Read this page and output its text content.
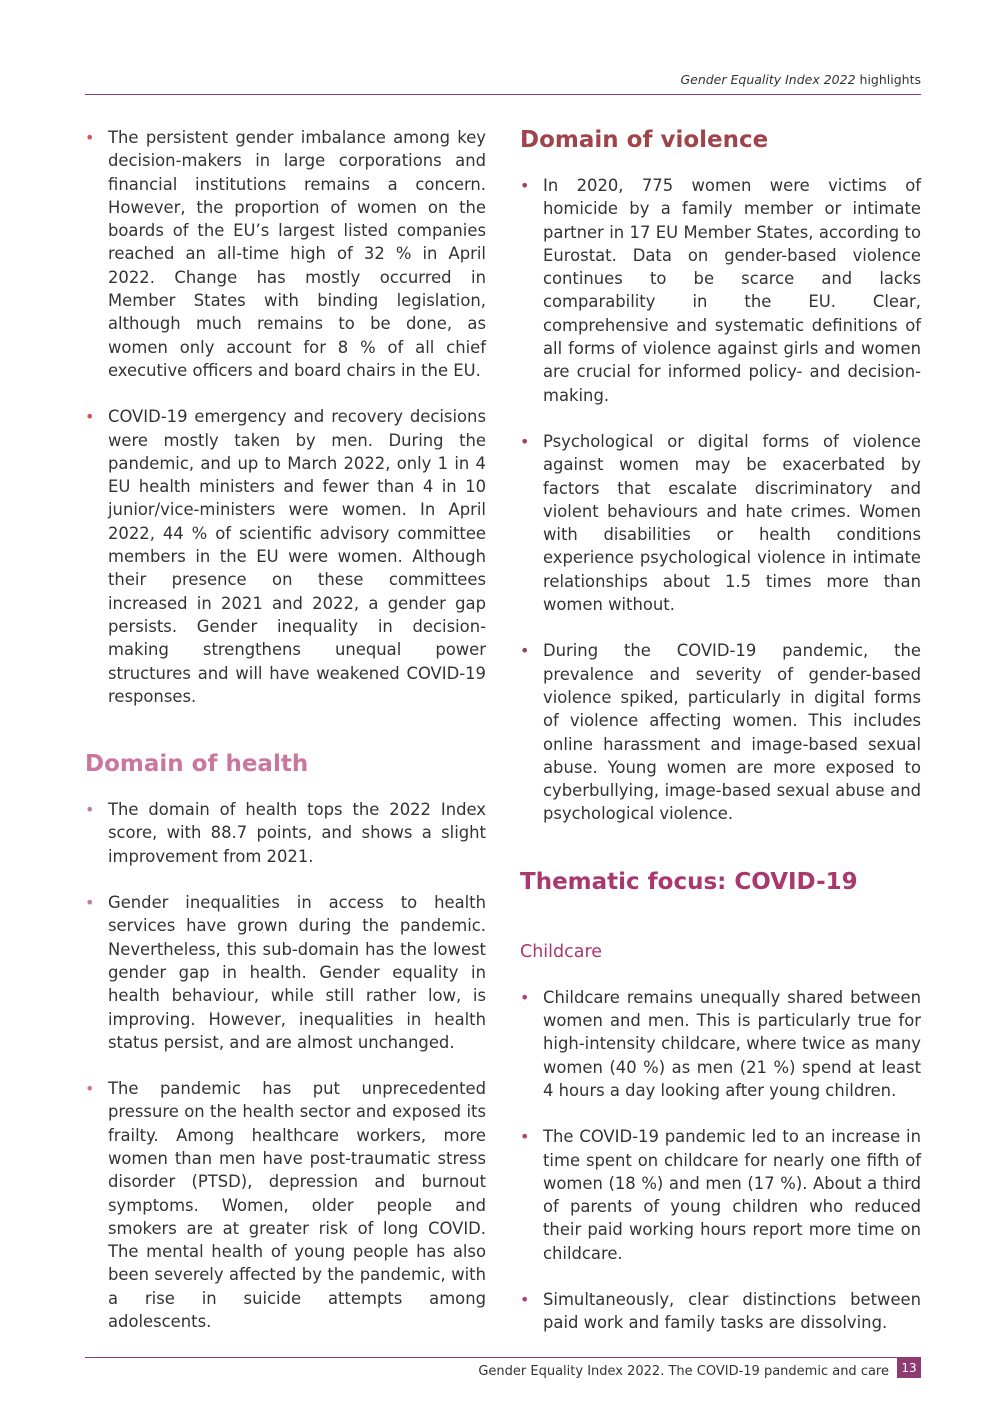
Gender Equality Index 2022 highlights
• The persistent gender imbalance among key decision-makers in large corporations and financial institutions remains a concern. However, the proportion of women on the boards of the EU’s largest listed companies reached an all-time high of 32 % in April 2022. Change has mostly occurred in Member States with binding legislation, although much remains to be done, as women only account for 8 % of all chief executive officers and board chairs in the EU.
• COVID-19 emergency and recovery decisions were mostly taken by men. During the pandemic, and up to March 2022, only 1 in 4 EU health ministers and fewer than 4 in 10 junior/vice-ministers were women. In April 2022, 44 % of scientific advisory committee members in the EU were women. Although their presence on these committees increased in 2021 and 2022, a gender gap persists. Gender inequality in decision-making strengthens unequal power structures and will have weakened COVID-19 responses.
Domain of health
• The domain of health tops the 2022 Index score, with 88.7 points, and shows a slight improvement from 2021.
• Gender inequalities in access to health services have grown during the pandemic. Nevertheless, this sub-domain has the lowest gender gap in health. Gender equality in health behaviour, while still rather low, is improving. However, inequalities in health status persist, and are almost unchanged.
• The pandemic has put unprecedented pressure on the health sector and exposed its frailty. Among healthcare workers, more women than men have post-traumatic stress disorder (PTSD), depression and burnout symptoms. Women, older people and smokers are at greater risk of long COVID. The mental health of young people has also been severely affected by the pandemic, with a rise in suicide attempts among adolescents.
Domain of violence
• In 2020, 775 women were victims of homicide by a family member or intimate partner in 17 EU Member States, according to Eurostat. Data on gender-based violence continues to be scarce and lacks comparability in the EU. Clear, comprehensive and systematic definitions of all forms of violence against girls and women are crucial for informed policy- and decision-making.
• Psychological or digital forms of violence against women may be exacerbated by factors that escalate discriminatory and violent behaviours and hate crimes. Women with disabilities or health conditions experience psychological violence in intimate relationships about 1.5 times more than women without.
• During the COVID-19 pandemic, the prevalence and severity of gender-based violence spiked, particularly in digital forms of violence affecting women. This includes online harassment and image-based sexual abuse. Young women are more exposed to cyberbullying, image-based sexual abuse and psychological violence.
Thematic focus: COVID-19
Childcare
• Childcare remains unequally shared between women and men. This is particularly true for high-intensity childcare, where twice as many women (40 %) as men (21 %) spend at least 4 hours a day looking after young children.
• The COVID-19 pandemic led to an increase in time spent on childcare for nearly one fifth of women (18 %) and men (17 %). About a third of parents of young children who reduced their paid working hours report more time on childcare.
• Simultaneously, clear distinctions between paid work and family tasks are dissolving.
Gender Equality Index 2022. The COVID-19 pandemic and care	13
